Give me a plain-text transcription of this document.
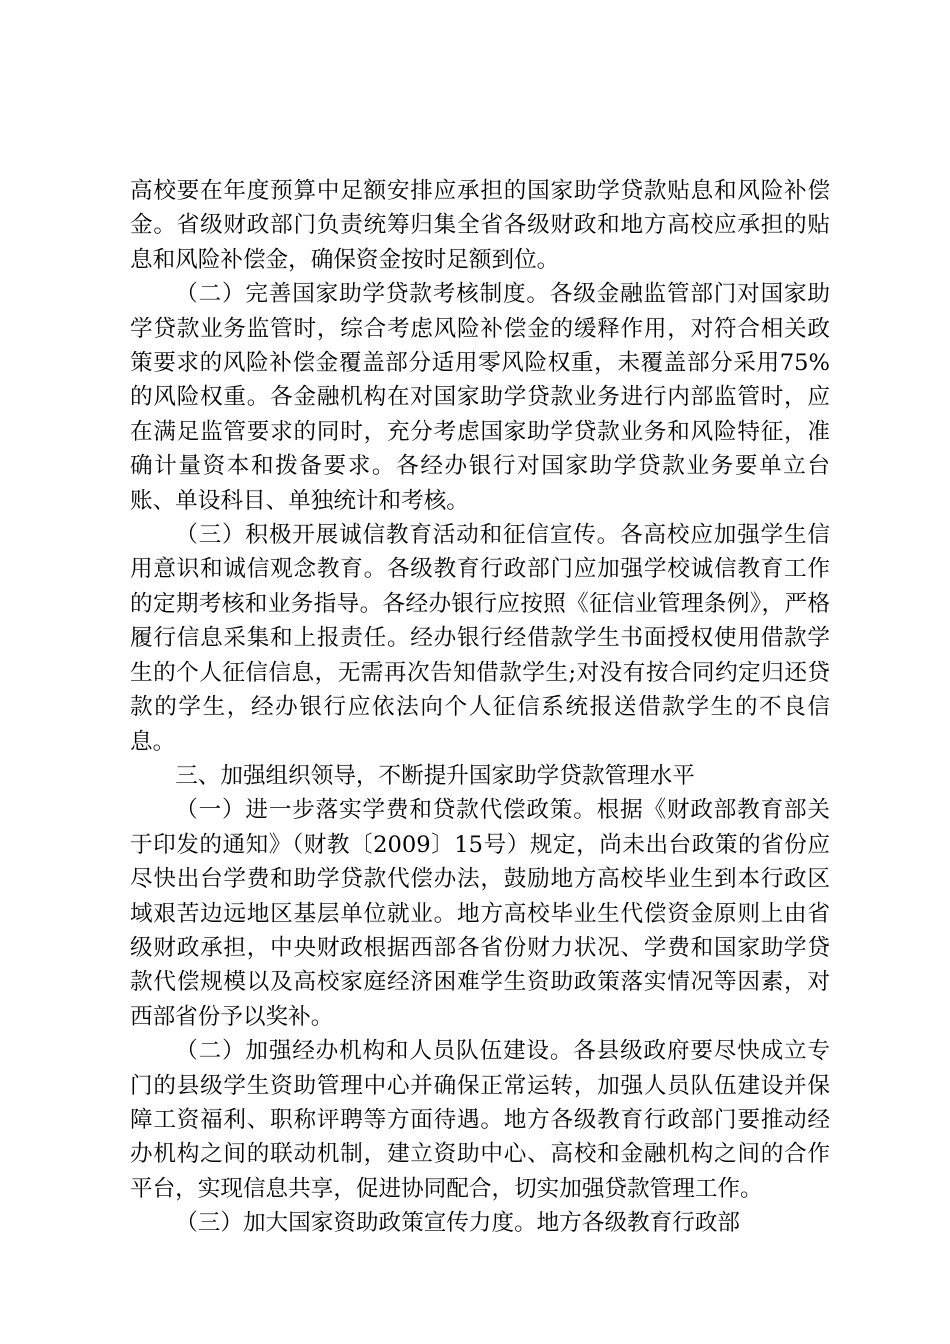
高校要在年度预算中足额安排应承担的国家助学贷款贴息和风险补偿金。省级财政部门负责统筹归集全省各级财政和地方高校应承担的贴息和风险补偿金，确保资金按时足额到位。

（二）完善国家助学贷款考核制度。各级金融监管部门对国家助学贷款业务监管时，综合考虑风险补偿金的缓释作用，对符合相关政策要求的风险补偿金覆盖部分适用零风险权重，未覆盖部分采用75%的风险权重。各金融机构在对国家助学贷款业务进行内部监管时，应在满足监管要求的同时，充分考虑国家助学贷款业务和风险特征，准确计量资本和拨备要求。各经办银行对国家助学贷款业务要单立台账、单设科目、单独统计和考核。

（三）积极开展诚信教育活动和征信宣传。各高校应加强学生信用意识和诚信观念教育。各级教育行政部门应加强学校诚信教育工作的定期考核和业务指导。各经办银行应按照《征信业管理条例》，严格履行信息采集和上报责任。经办银行经借款学生书面授权使用借款学生的个人征信信息，无需再次告知借款学生;对没有按合同约定归还贷款的学生，经办银行应依法向个人征信系统报送借款学生的不良信息。

三、加强组织领导，不断提升国家助学贷款管理水平

（一）进一步落实学费和贷款代偿政策。根据《财政部教育部关于印发的通知》（财教〔2009〕15号）规定，尚未出台政策的省份应尽快出台学费和助学贷款代偿办法，鼓励地方高校毕业生到本行政区域艰苦边远地区基层单位就业。地方高校毕业生代偿资金原则上由省级财政承担，中央财政根据西部各省份财力状况、学费和国家助学贷款代偿规模以及高校家庭经济困难学生资助政策落实情况等因素，对西部省份予以奖补。

（二）加强经办机构和人员队伍建设。各县级政府要尽快成立专门的县级学生资助管理中心并确保正常运转，加强人员队伍建设并保障工资福利、职称评聘等方面待遇。地方各级教育行政部门要推动经办机构之间的联动机制，建立资助中心、高校和金融机构之间的合作平台，实现信息共享，促进协同配合，切实加强贷款管理工作。

（三）加大国家资助政策宣传力度。地方各级教育行政部
